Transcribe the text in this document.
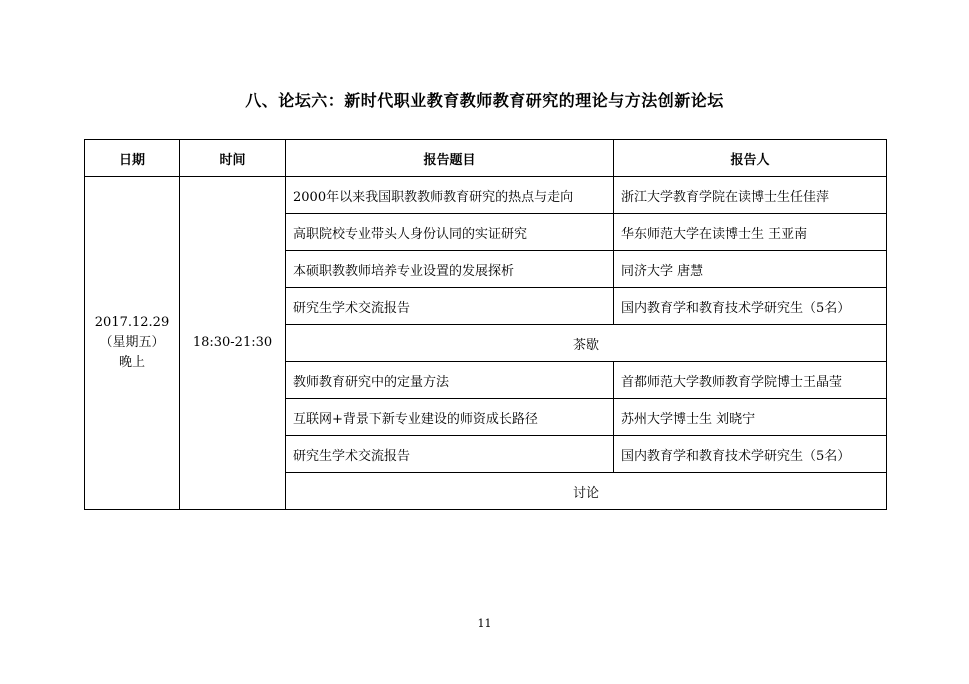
八、论坛六：新时代职业教育教师教育研究的理论与方法创新论坛
日期	时间	报告题目	报告人

2017.12.29
（星期五）
晚上	18:30-21:30	2000年以来我国职教教师教育研究的热点与走向	浙江大学教育学院在读博士生任佳萍
		高职院校专业带头人身份认同的实证研究	华东师范大学在读博士生 王亚南
		本硕职教教师培养专业设置的发展探析	同济大学 唐慧
		研究生学术交流报告	国内教育学和教育技术学研究生（5名）
		茶歇	
		教师教育研究中的定量方法	首都师范大学教师教育学院博士王晶莹
		互联网+背景下新专业建设的师资成长路径	苏州大学博士生 刘晓宁
		研究生学术交流报告	国内教育学和教育技术学研究生（5名）
		讨论	
11
